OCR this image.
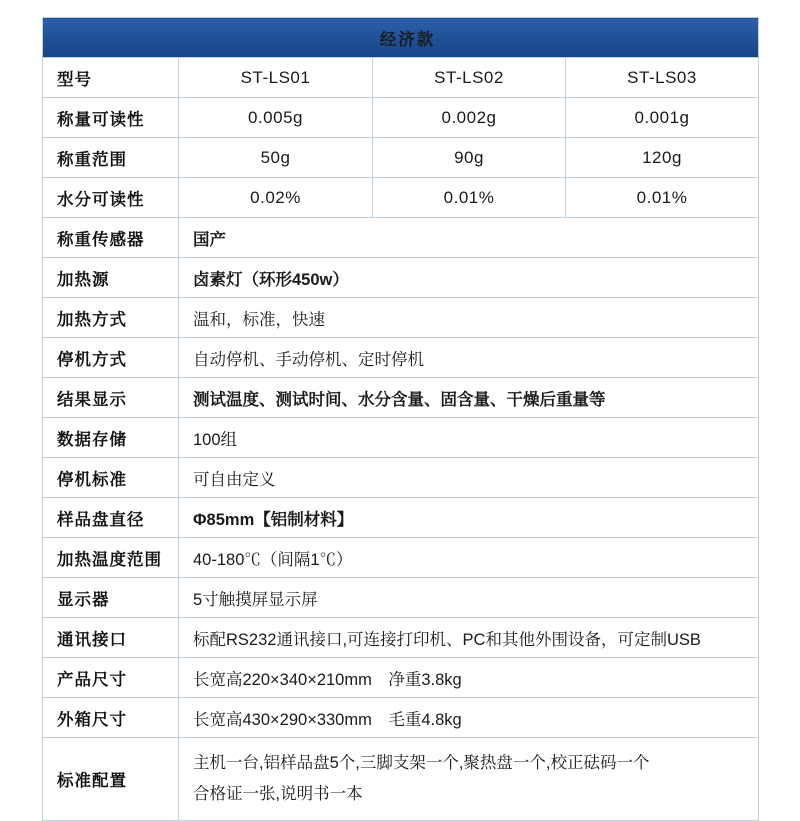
经济款			
型号	ST-LS01	ST-LS02	ST-LS03
称量可读性	0.005g	0.002g	0.001g
称重范围	50g	90g	120g
水分可读性	0.02%	0.01%	0.01%
称重传感器	国产		
加热源	卤素灯（环形450w）		
加热方式	温和，标准，快速		
停机方式	自动停机、手动停机、定时停机		
结果显示	测试温度、测试时间、水分含量、固含量、干燥后重量等		
数据存储	100组		
停机标准	可自由定义		
样品盘直径	Φ85mm【铝制材料】		
加热温度范围	40-180℃（间隔1℃）		
显示器	5寸触摸屏显示屏		
通讯接口	标配RS232通讯接口,可连接打印机、PC和其他外围设备，可定制USB		
产品尺寸	长宽高220×340×210mm　净重3.8kg		
外箱尺寸	长宽高430×290×330mm　毛重4.8kg		
标准配置	主机一台,铝样品盘5个,三脚支架一个,聚热盘一个,校正砝码一个
合格证一张,说明书一本		
